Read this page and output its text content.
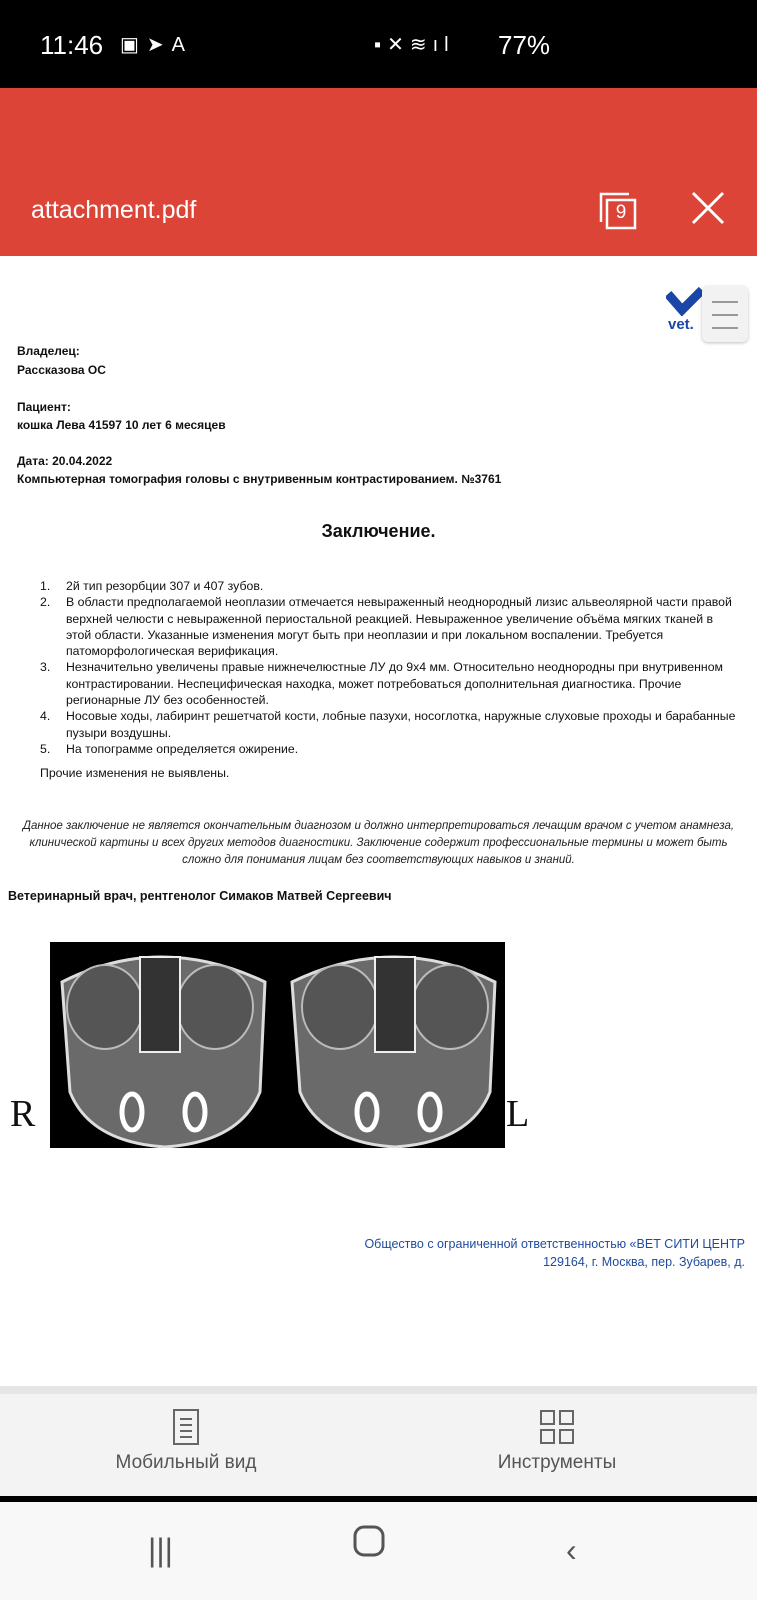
11:46 ▣➤A	▪✕≋ıl 77%
attachment.pdf	9
vet.
Владелец:
Рассказова ОС
Пациент:
кошка Лева 41597 10 лет 6 месяцев
Дата: 20.04.2022
Компьютерная томография головы с внутривенным контрастированием. №3761
Заключение.
1. 2й тип резорбции 307 и 407 зубов.
2. В области предполагаемой неоплазии отмечается невыраженный неоднородный лизис альвеолярной части правой верхней челюсти с невыраженной периостальной реакцией. Невыраженное увеличение объёма мягких тканей в этой области. Указанные изменения могут быть при неоплазии и при локальном воспалении. Требуется патоморфологическая верификация.
3. Незначительно увеличены правые нижнечелюстные ЛУ до 9х4 мм. Относительно неоднородны при внутривенном контрастировании. Неспецифическая находка, может потребоваться дополнительная диагностика. Прочие регионарные ЛУ без особенностей.
4. Носовые ходы, лабиринт решетчатой кости, лобные пазухи, носоглотка, наружные слуховые проходы и барабанные пузыри воздушны.
5. На топограмме определяется ожирение.
Прочие изменения не выявлены.
Данное заключение не является окончательным диагнозом и должно интерпретироваться лечащим врачом с учетом анамнеза, клинической картины и всех других методов диагностики. Заключение содержит профессиональные термины и может быть сложно для понимания лицам без соответствующих навыков и знаний.
Ветеринарный врач, рентгенолог Симаков Матвей Сергеевич
R	L
Общество с ограниченной ответственностью «ВЕТ СИТИ ЦЕНТР
129164, г. Москва, пер. Зубарев, д.
Мобильный вид	Инструменты
|||	‹
